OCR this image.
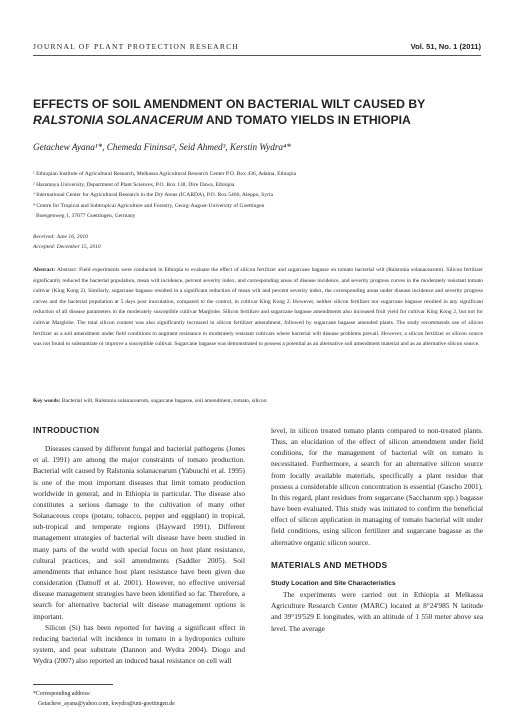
JOURNAL OF PLANT PROTECTION RESEARCH	Vol. 51, No. 1 (2011)
EFFECTS OF SOIL AMENDMENT ON BACTERIAL WILT CAUSED BY
RALSTONIA SOLANACERUM AND TOMATO YIELDS IN ETHIOPIA
Getachew Ayana¹*, Chemeda Fininsa², Seid Ahmed³, Kerstin Wydra⁴*
¹ Ethiopian Institute of Agricultural Research, Melkassa Agricultural Research Center P.O. Box 436, Adama, Ethiopia
² Haramaya University, Department of Plant Sciences, P.O. Box 138, Dire Dawa, Ethiopia
³ International Center for Agricultural Research in the Dry Areas (ICARDA), P.O. Box 5466, Aleppo, Syria
⁴ Centre for Tropical and Subtropical Agriculture and Forestry, Georg-August-University of Goettingen
Buesgenweg 1, 37077 Goettingen, Germany
Received: June 16, 2010
Accepted: December 15, 2010
Abstract: Abstract: Field experiments were conducted in Ethiopia to evaluate the effect of silicon fertilizer and sugarcane bagasse on tomato bacterial wilt (Ralstonia solanacearum). Silicon fertilizer significantly reduced the bacterial population, mean wilt incidence, percent severity index, and corresponding areas of disease incidence, and severity progress curves in the moderately resistant tomato cultivar (King Kong 2). Similarly, sugarcane bagasse resulted in a significant reduction of mean wilt and percent severity index, the corresponding areas under disease incidence and severity progress curves and the bacterial population at 5 days post inoculation, compared to the control, in cultivar King Kong 2. However, neither silicon fertilizer nor sugarcane bagasse resulted in any significant reduction of all disease parameters in the moderately susceptible cultivar Marglobe. Silicon fertilizer and sugarcane bagasse amendments also increased fruit yield for cultivar King Kong 2, but not for cultivar Marglobe. The total silicon content was also significantly increased in silicon fertilizer amendment, followed by sugarcane bagasse amended plants. The study recommends use of silicon fertilizer as a soil amendment under field conditions to augment resistance in moderately resistant cultivars where bacterial wilt disease problems prevail. However, a silicon fertilizer or silicon source was not found to substantiate or improve a susceptible cultivar. Sugarcane bagasse was demonstrated to possess a potential as an alternative soil amendment material and as an alternative silicon source.
Key words: Bacterial wilt, Ralstonia solanacearum, sugarcane bagasse, soil amendment, tomato, silicon
INTRODUCTION

Diseases caused by different fungal and bacterial pathogens (Jones et al. 1991) are among the major constraints of tomato production. Bacterial wilt caused by Ralstonia solanacearum (Yabuuchi et al. 1995) is one of the most important diseases that limit tomato production worldwide in general, and in Ethiopia in particular. The disease also constitutes a serious damage to the cultivation of many other Solanaceous crops (potato, tobacco, pepper and eggplant) in tropical, sub-tropical and temperate regions (Hayward 1991). Different management strategies of bacterial wilt disease have been studied in many parts of the world with special focus on host plant resistance, cultural practices, and soil amendments (Saddler 2005). Soil amendments that enhance host plant resistance have been given due consideration (Datnoff et al. 2001). However, no effective universal disease management strategies have been identified so far. Therefore, a search for alternative bacterial wilt disease management options is important.

Silicon (Si) has been reported for having a significant effect in reducing bacterial wilt incidence in tomato in a hydroponics culture system, and peat substrate (Dannon and Wydra 2004). Diogo and Wydra (2007) also reported an induced basal resistance on cell wall

level, in silicon treated tomato plants compared to non-treated plants. Thus, an elucidation of the effect of silicon amendment under field conditions, for the management of bacterial wilt on tomato is necessitated. Furthermore, a search for an alternative silicon source from locally available materials, specifically a plant residue that possess a considerable silicon concentration is essential (Gascho 2001). In this regard, plant residues from sugarcane (Saccharum spp.) bagasse have been evaluated. This study was initiated to confirm the beneficial effect of silicon application in managing of tomato bacterial wilt under field conditions, using silicon fertilizer and sugarcane bagasse as the alternative organic silicon source.

MATERIALS AND METHODS

Study Location and Site Characteristics

The experiments were carried out in Ethiopia at Melkassa Agriculture Research Center (MARC) located at 8°24'985 N latitude and 39°19'529 E longitudes, with an altitude of 1 550 meter above sea level. The average

*Corresponding address:
Getachew_ayana@yahoo.com, kwydra@uni-goettingen.de
